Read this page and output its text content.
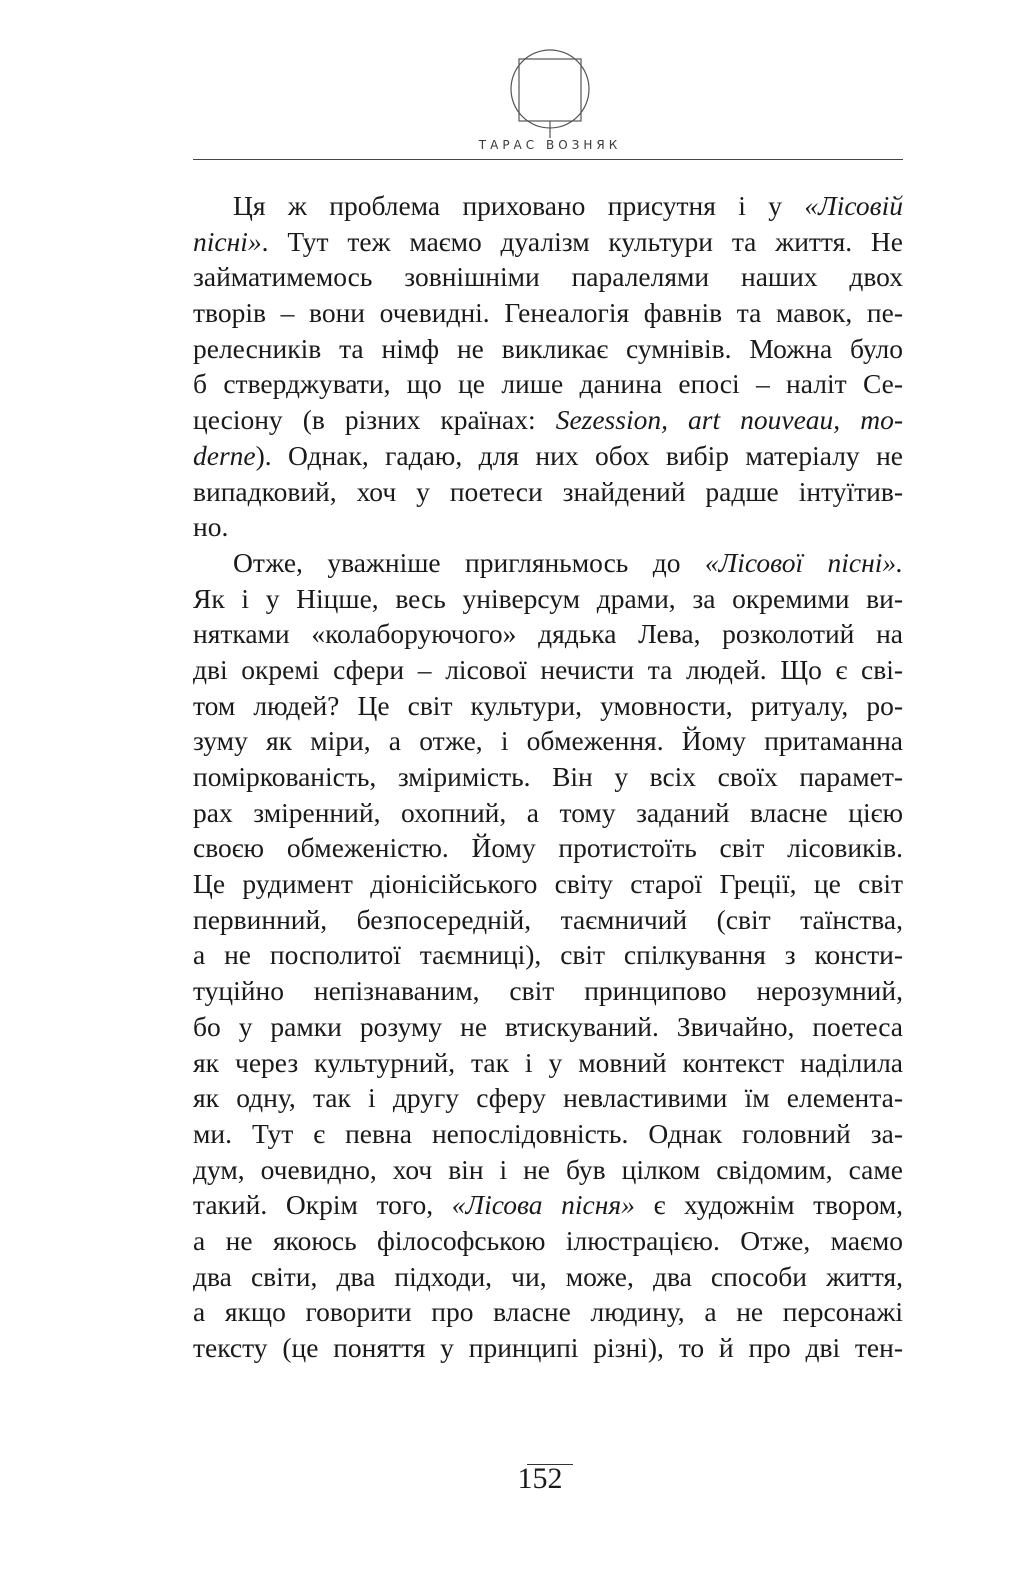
ТАРАС ВОЗНЯК
Ця ж проблема приховано присутня і у «Лісовій
пісні». Тут теж маємо дуалізм культури та життя. Не
займатимемось зовнішніми паралелями наших двох
творів – вони очевидні. Генеалогія фавнів та мавок, пе-
релесників та німф не викликає сумнівів. Можна було
б стверджувати, що це лише данина епосі – наліт Се-
цесіону (в різних країнах: Sezession, art nouveau, mo-
derne). Однак, гадаю, для них обох вибір матеріалу не
випадковий, хоч у поетеси знайдений радше інтуїтив-
но.
Отже, уважніше пригляньмось до «Лісової пісні».
Як і у Ніцше, весь універсум драми, за окремими ви-
нятками «колаборуючого» дядька Лева, розколотий на
дві окремі сфери – лісової нечисти та людей. Що є сві-
том людей? Це світ культури, умовности, ритуалу, ро-
зуму як міри, а отже, і обмеження. Йому притаманна
поміркованість, зміримість. Він у всіх своїх парамет-
рах зміренний, охопний, а тому заданий власне цією
своєю обмеженістю. Йому протистоїть світ лісовиків.
Це рудимент діонісійського світу старої Греції, це світ
первинний, безпосередній, таємничий (світ таїнства,
а не посполитої таємниці), світ спілкування з консти-
туційно непізнаваним, світ принципово нерозумний,
бо у рамки розуму не втискуваний. Звичайно, поетеса
як через культурний, так і у мовний контекст наділила
як одну, так і другу сферу невластивими їм елемента-
ми. Тут є певна непослідовність. Однак головний за-
дум, очевидно, хоч він і не був цілком свідомим, саме
такий. Окрім того, «Лісова пісня» є художнім твором,
а не якоюсь філософською ілюстрацією. Отже, маємо
два світи, два підходи, чи, може, два способи життя,
а якщо говорити про власне людину, а не персонажі
тексту (це поняття у принципі різні), то й про дві тен-
152
